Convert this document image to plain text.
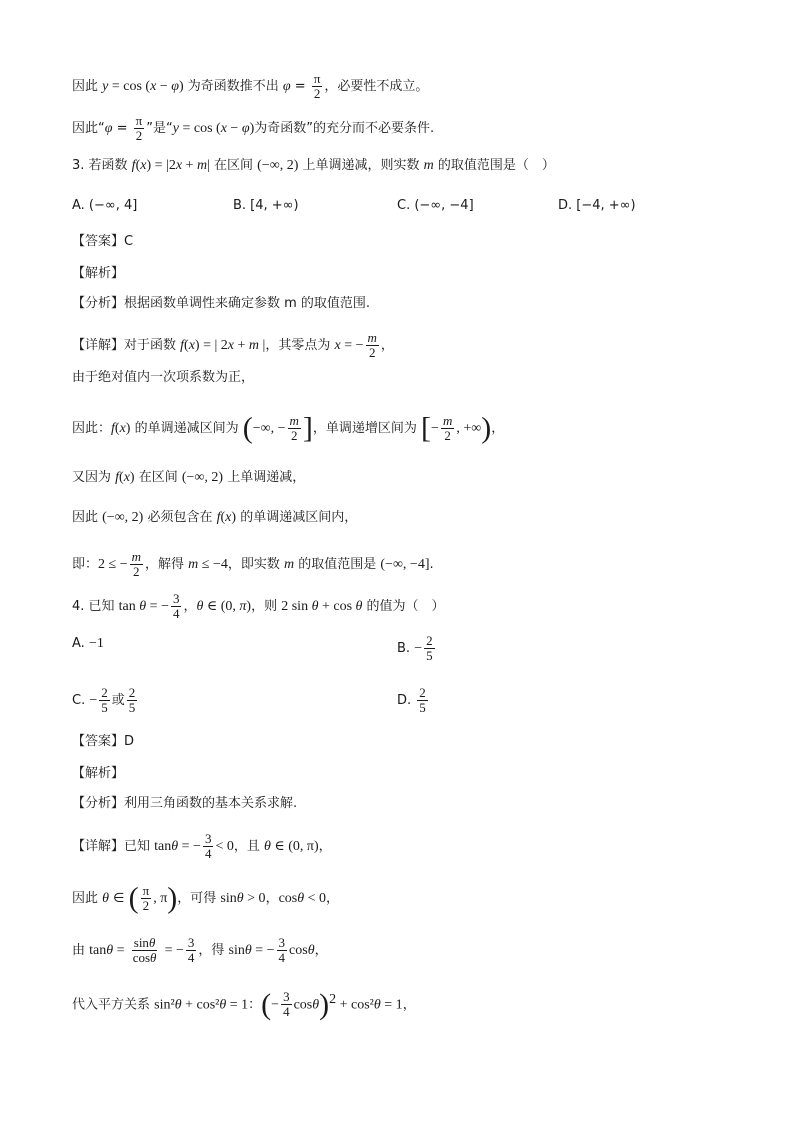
因此 y = cos (x − φ) 为奇函数推不出 $\varphi = \frac{\pi}{2}$ ，必要性不成立。
因此“$\varphi = \frac{\pi}{2}$ ”是“y = cos (x − φ)为奇函数”的充分而不必要条件.
3. 若函数 f(x) = |2x + m| 在区间 (−∞, 2) 上单调递减，则实数 m 的取值范围是（　）
A. (−∞, 4]	B. [4, +∞)	C. (−∞, −4]	D. [−4, +∞)
【答案】C
【解析】
【分析】根据函数单调性来确定参数 m 的取值范围.
【详解】对于函数 f(x) = | 2x + m |，其零点为 x = − $\frac{m}{2}$ ，
由于绝对值内一次项系数为正，
因此：f(x) 的单调递减区间为 (−∞, − $\frac{m}{2}$ ]，单调递增区间为 [− $\frac{m}{2}$ , +∞)，
又因为 f(x) 在区间 (−∞, 2) 上单调递减，
因此 (−∞, 2) 必须包含在 f(x) 的单调递减区间内，
即：2 ≤ − $\frac{m}{2}$ ，解得 m ≤ −4，即实数 m 的取值范围是 (−∞, −4].
4. 已知 tan θ = − $\frac{3}{4}$ ，θ ∈ (0, π)，则 2 sin θ + cos θ 的值为（　）
A. −1	B. − $\frac{2}{5}$
C. − $\frac{2}{5}$ 或 $\frac{2}{5}$	D. $\frac{2}{5}$
【答案】D
【解析】
【分析】利用三角函数的基本关系求解.
【详解】已知 tanθ = − $\frac{3}{4} < 0$，且 θ ∈ (0, π)，
因此 θ ∈ ( $\frac{\pi}{2}$ , π)，可得 sinθ > 0，cosθ < 0，
由 $\tan\theta = \frac{\sin\theta}{\cos\theta}$ = − $\frac{3}{4}$ ，得 sinθ = − $\frac{3}{4}$ cosθ，
代入平方关系 sin²θ + cos²θ = 1：(− $\frac{3}{4} \cos\theta)^2 + \cos^2\theta = 1$，
